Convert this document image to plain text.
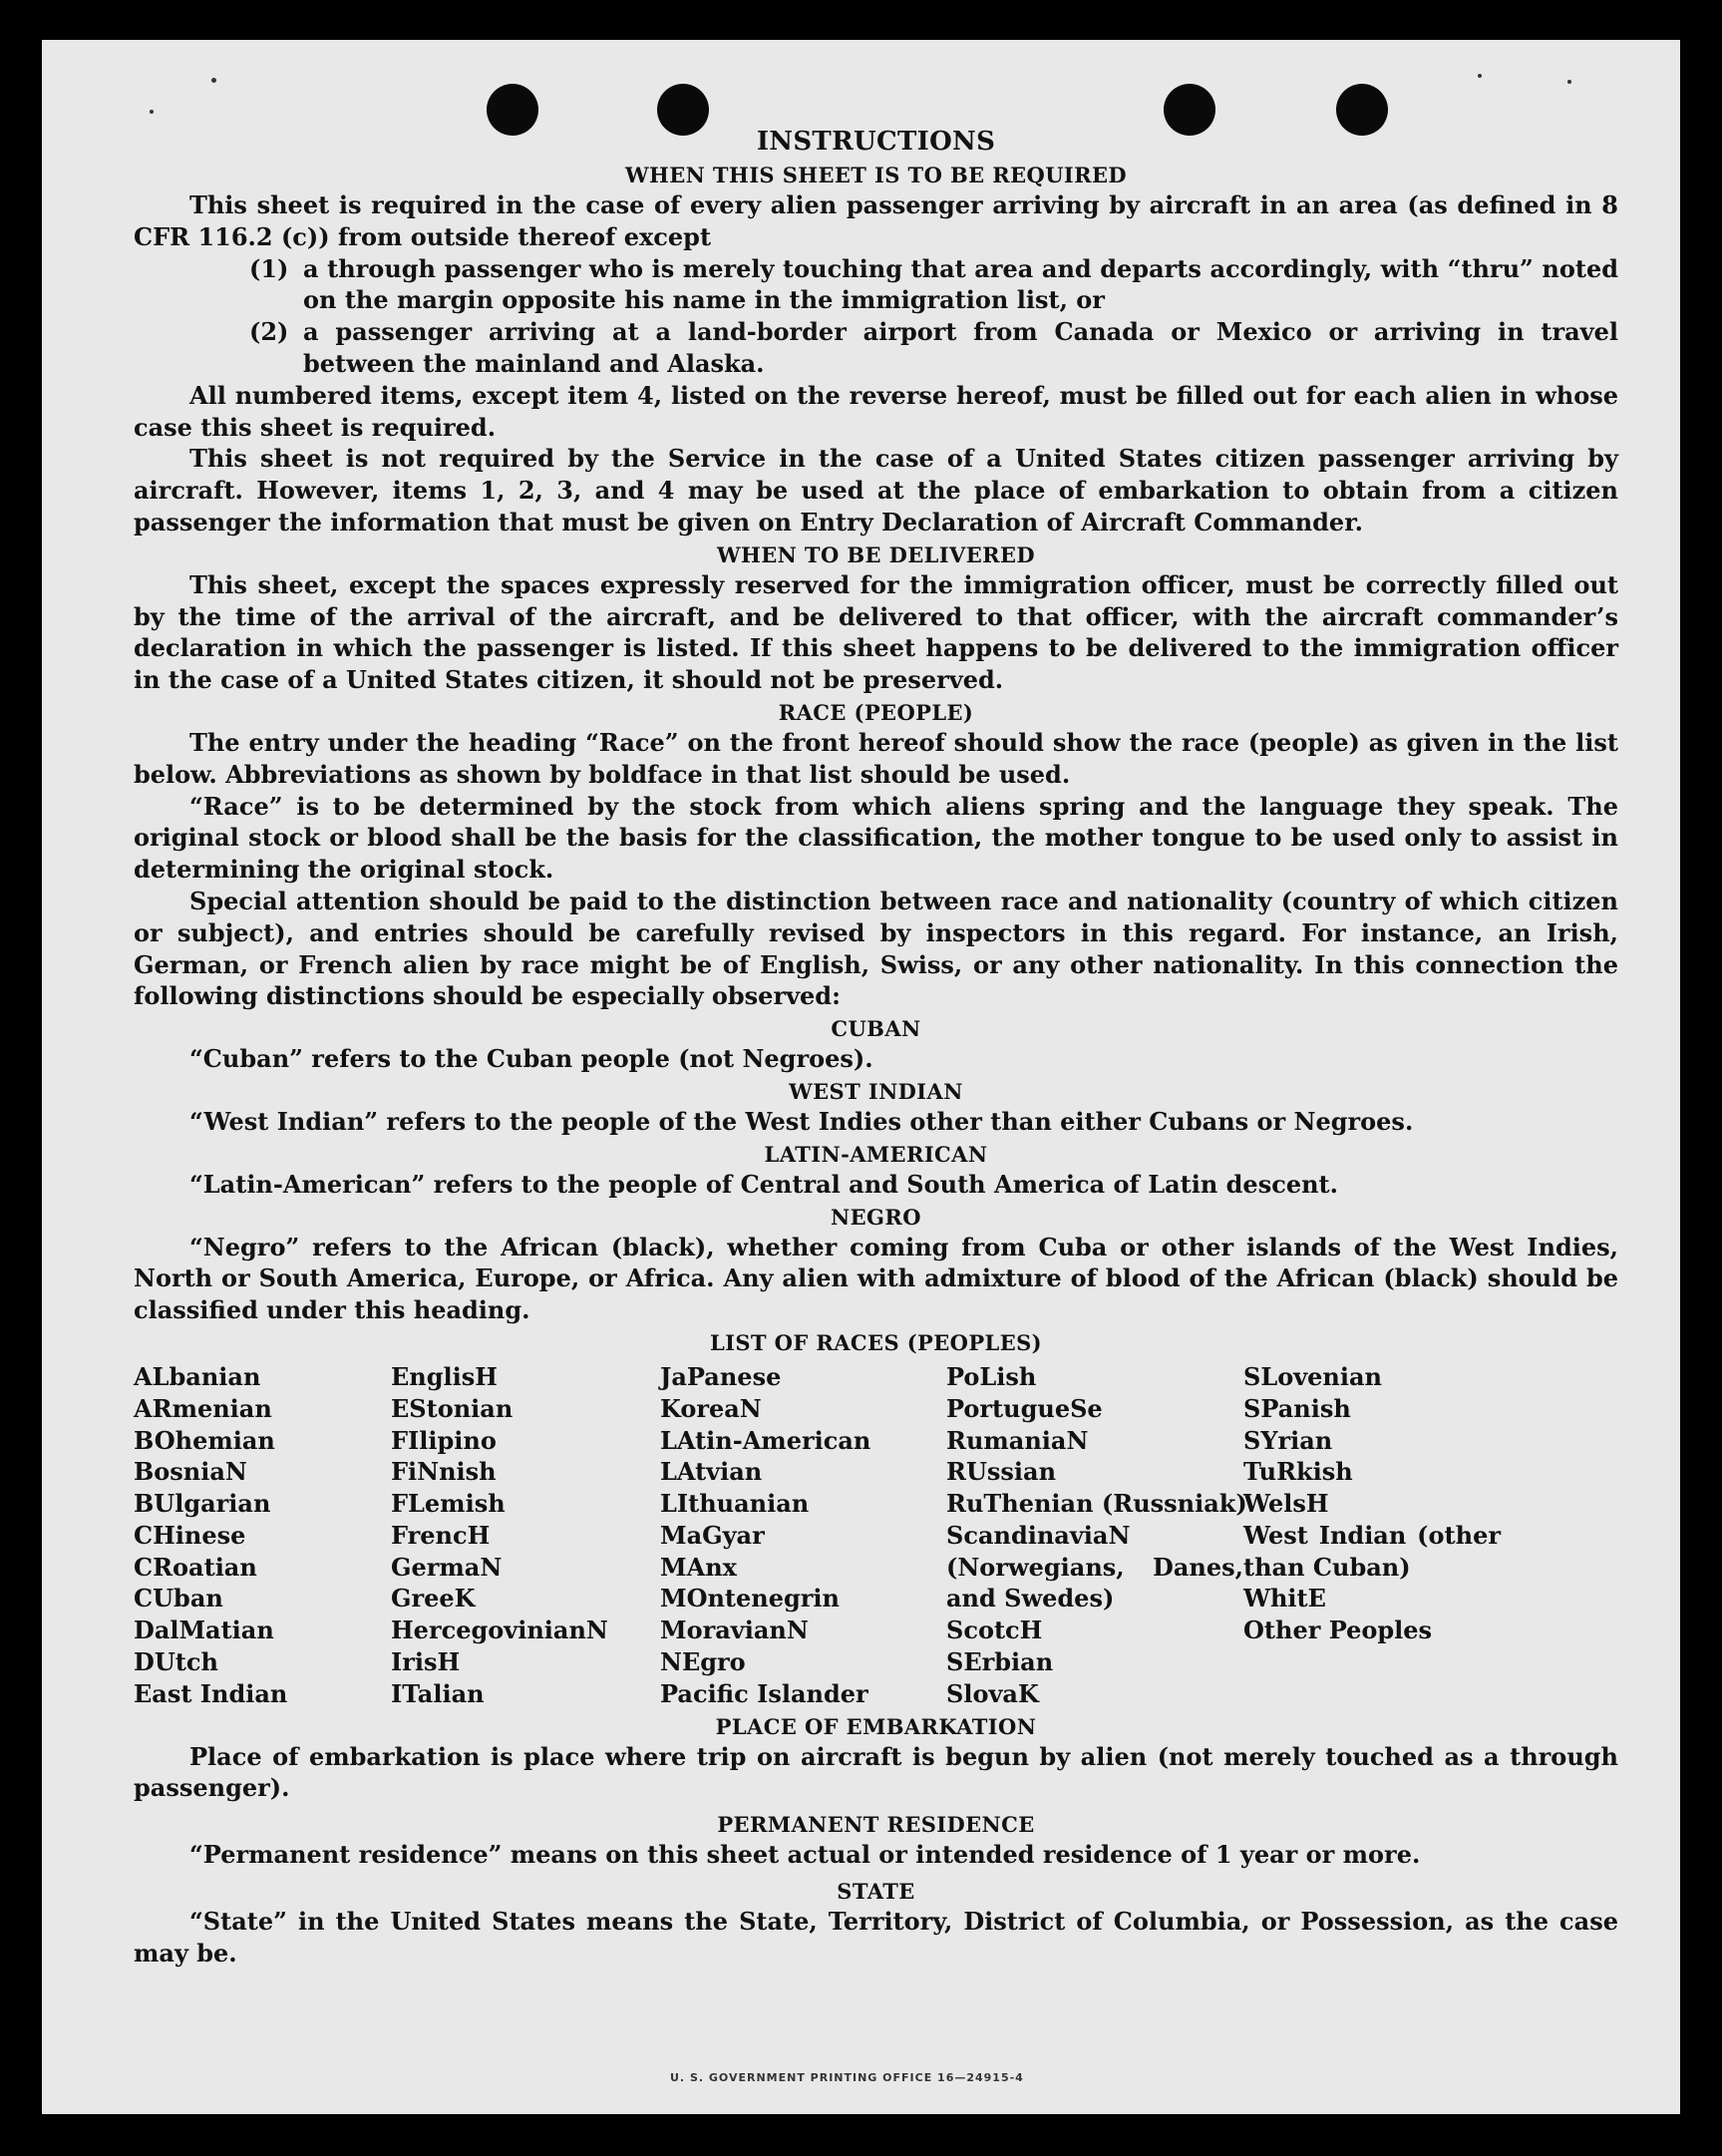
INSTRUCTIONS
WHEN THIS SHEET IS TO BE REQUIRED

This sheet is required in the case of every alien passenger arriving by aircraft in an area (as defined in 8 CFR 116.2 (c)) from outside thereof except

(1) a through passenger who is merely touching that area and departs accordingly, with “thru” noted on the margin opposite his name in the immigration list, or
(2) a passenger arriving at a land-border airport from Canada or Mexico or arriving in travel between the mainland and Alaska.

All numbered items, except item 4, listed on the reverse hereof, must be filled out for each alien in whose case this sheet is required.

This sheet is not required by the Service in the case of a United States citizen passenger arriving by aircraft. However, items 1, 2, 3, and 4 may be used at the place of embarkation to obtain from a citizen passenger the information that must be given on Entry Declaration of Aircraft Commander.

WHEN TO BE DELIVERED

This sheet, except the spaces expressly reserved for the immigration officer, must be correctly filled out by the time of the arrival of the aircraft, and be delivered to that officer, with the aircraft commander’s declaration in which the passenger is listed. If this sheet happens to be delivered to the immigration officer in the case of a United States citizen, it should not be preserved.

RACE (PEOPLE)

The entry under the heading “Race” on the front hereof should show the race (people) as given in the list below. Abbreviations as shown by boldface in that list should be used.

“Race” is to be determined by the stock from which aliens spring and the language they speak. The original stock or blood shall be the basis for the classification, the mother tongue to be used only to assist in determining the original stock.

Special attention should be paid to the distinction between race and nationality (country of which citizen or subject), and entries should be carefully revised by inspectors in this regard. For instance, an Irish, German, or French alien by race might be of English, Swiss, or any other nationality. In this connection the following distinctions should be especially observed:

CUBAN

“Cuban” refers to the Cuban people (not Negroes).

WEST INDIAN

“West Indian” refers to the people of the West Indies other than either Cubans or Negroes.

LATIN-AMERICAN

“Latin-American” refers to the people of Central and South America of Latin descent.

NEGRO

“Negro” refers to the African (black), whether coming from Cuba or other islands of the West Indies, North or South America, Europe, or Africa. Any alien with admixture of blood of the African (black) should be classified under this heading.

LIST OF RACES (PEOPLES)
ALbanian
ARmenian
BOhemian
BosniaN
BUlgarian
CHinese
CRoatian
CUban
DalMatian
DUtch
East Indian
EnglisH
EStonian
FIlipino
FiNnish
FLemish
FrencH
GermaN
GreeK
HercegovinianN
IrisH
ITalian
JaPanese
KoreaN
LAtin-American
LAtvian
LIthuanian
MaGyar
MAnx
MOntenegrin
MoravianN
NEgro
Pacific Islander
PoLish
PortugueSe
RumaniaN
RUssian
RuThenian (Russniak)
ScandinaviaN (Norwegians, Danes, and Swedes)
ScotcH
SErbian
SlovaK
SLovenian
SPanish
SYrian
TuRkish
WelsH
West Indian (other than Cuban)
WhitE
Other Peoples
PLACE OF EMBARKATION

Place of embarkation is place where trip on aircraft is begun by alien (not merely touched as a through passenger).

PERMANENT RESIDENCE

“Permanent residence” means on this sheet actual or intended residence of 1 year or more.

STATE

“State” in the United States means the State, Territory, District of Columbia, or Possession, as the case may be.

U. S. GOVERNMENT PRINTING OFFICE 16—24915-4
